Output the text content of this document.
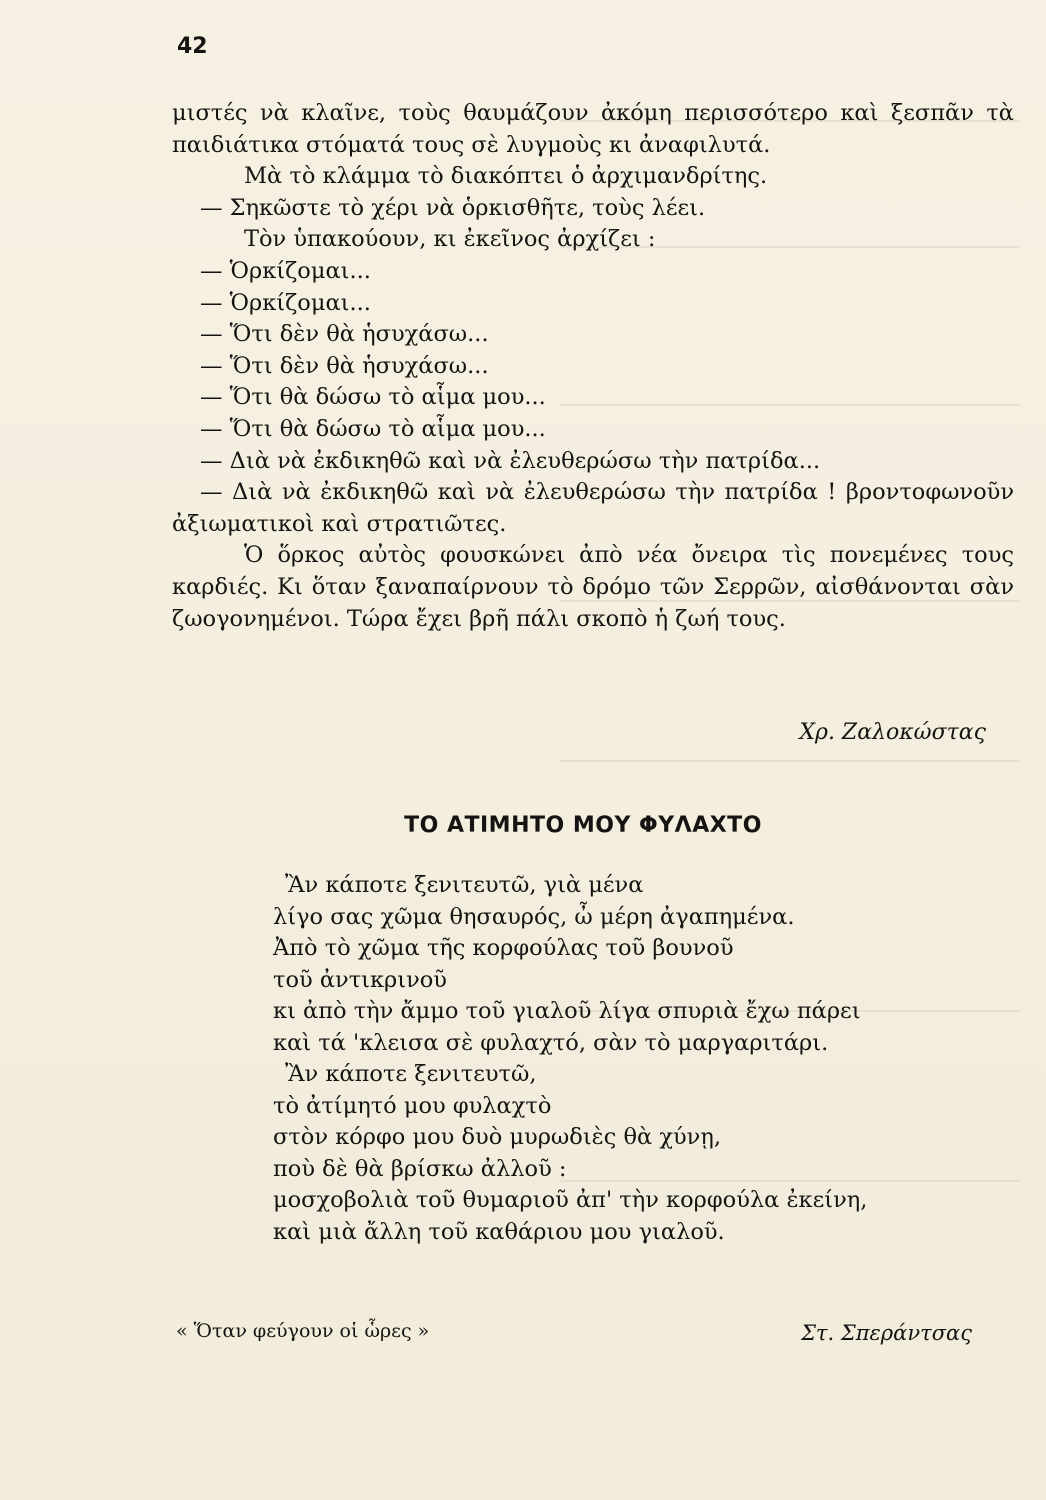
42

μιστές νὰ κλαῖνε, τοὺς θαυμάζουν ἀκόμη περισσότερο καὶ ξεσπᾶν τὰ παιδιάτικα στόματά τους σὲ λυγμοὺς κι ἀναφιλυτά.

Μὰ τὸ κλάμμα τὸ διακόπτει ὁ ἀρχιμανδρίτης.

— Σηκῶστε τὸ χέρι νὰ ὁρκισθῆτε, τοὺς λέει.

Τὸν ὑπακούουν, κι ἐκεῖνος ἀρχίζει :

— Ὁρκίζομαι...

— Ὁρκίζομαι...

— Ὅτι δὲν θὰ ἡσυχάσω...

— Ὅτι δὲν θὰ ἡσυχάσω...

— Ὅτι θὰ δώσω τὸ αἷμα μου...

— Ὅτι θὰ δώσω τὸ αἷμα μου...

— Διὰ νὰ ἐκδικηθῶ καὶ νὰ ἐλευθερώσω τὴν πατρίδα...

— Διὰ νὰ ἐκδικηθῶ καὶ νὰ ἐλευθερώσω τὴν πατρίδα ! βροντοφωνοῦν ἀξιωματικοὶ καὶ στρατιῶτες.

Ὁ ὅρκος αὐτὸς φουσκώνει ἀπὸ νέα ὄνειρα τὶς πονεμένες τους καρδιές. Κι ὅταν ξαναπαίρνουν τὸ δρόμο τῶν Σερρῶν, αἰσθάνονται σὰν ζωογονημένοι. Τώρα ἔχει βρῆ πάλι σκοπὸ ἡ ζωή τους.

Χρ. Ζαλοκώστας
ΤΟ ΑΤΙΜΗΤΟ ΜΟΥ ΦΥΛΑΧΤΟ

Ἂν κάποτε ξενιτευτῶ, γιὰ μένα

λίγο σας χῶμα θησαυρός, ὦ μέρη ἀγαπημένα.

Ἀπὸ τὸ χῶμα τῆς κορφούλας τοῦ βουνοῦ

τοῦ ἀντικρινοῦ

κι ἀπὸ τὴν ἄμμο τοῦ γιαλοῦ λίγα σπυριὰ ἔχω πάρει

καὶ τά 'κλεισα σὲ φυλαχτό, σὰν τὸ μαργαριτάρι.

Ἂν κάποτε ξενιτευτῶ,

τὸ ἀτίμητό μου φυλαχτὸ

στὸν κόρφο μου δυὸ μυρωδιὲς θὰ χύνῃ,

ποὺ δὲ θὰ βρίσκω ἀλλοῦ :

μοσχοβολιὰ τοῦ θυμαριοῦ ἀπ' τὴν κορφούλα ἐκείνη,

καὶ μιὰ ἄλλη τοῦ καθάριου μου γιαλοῦ.

« Ὅταν φεύγουν οἱ ὧρες »	Στ. Σπεράντσας
